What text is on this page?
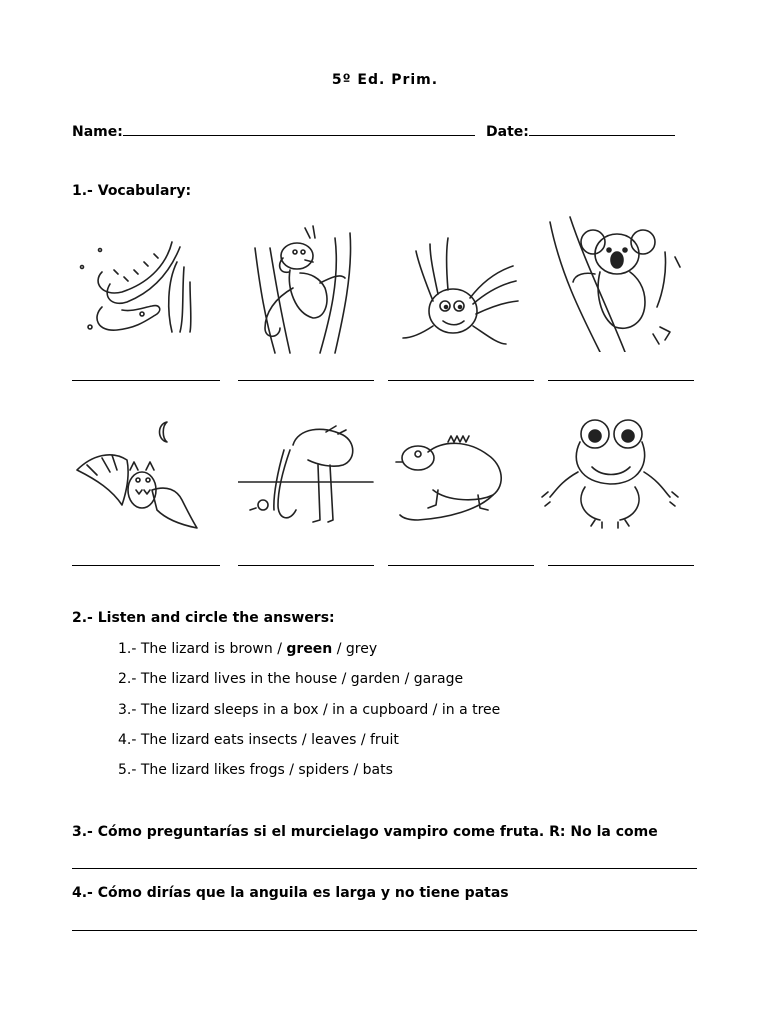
5º Ed. Prim.
Name:	Date:
1.- Vocabulary:
2.- Listen and circle the answers:
1.- The lizard is brown / green / grey
2.- The lizard lives in the house / garden / garage
3.- The lizard sleeps in a box / in a cupboard / in a tree
4.- The lizard eats insects / leaves / fruit
5.- The lizard likes frogs / spiders / bats
3.- Cómo preguntarías si el murcielago vampiro come fruta. R: No la come
4.- Cómo dirías que la anguila es larga y no tiene patas
